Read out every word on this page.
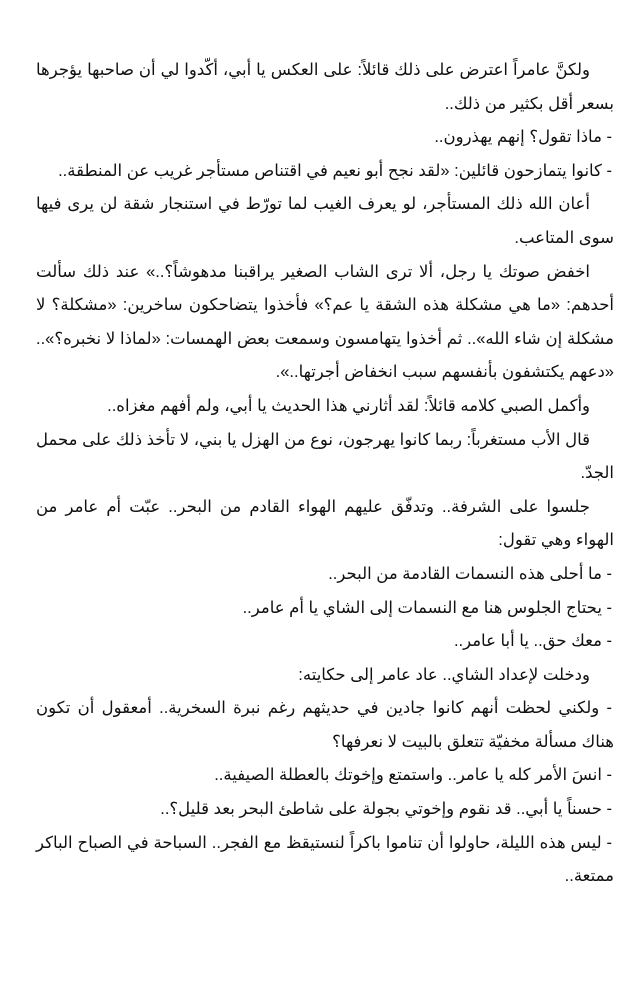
ولكنَّ عامراً اعترض على ذلك قائلاً: على العكس يا أبي، أكّدوا لي أن صاحبها يؤجرها بسعر أقل بكثير من ذلك..

- ماذا تقول؟ إنهم يهذرون..

- كانوا يتمازحون قائلين: «لقد نجح أبو نعيم في اقتناص مستأجر غريب عن المنطقة..

أعان الله ذلك المستأجر، لو يعرف الغيب لما تورّط في استنجار شقة لن يرى فيها سوى المتاعب.

اخفض صوتك يا رجل، ألا ترى الشاب الصغير يراقبنا مدهوشاً؟..» عند ذلك سألت أحدهم: «ما هي مشكلة هذه الشقة يا عم؟» فأخذوا يتضاحكون ساخرين: «مشكلة؟ لا مشكلة إن شاء الله».. ثم أخذوا يتهامسون وسمعت بعض الهمسات: «لماذا لا نخبره؟».. «دعهم يكتشفون بأنفسهم سبب انخفاض أجرتها..».

وأكمل الصبي كلامه قائلاً: لقد أثارني هذا الحديث يا أبي، ولم أفهم مغزاه..

قال الأب مستغرباً: ربما كانوا يهرجون، نوع من الهزل يا بني، لا تأخذ ذلك على محمل الجدّ.

جلسوا على الشرفة.. وتدفّق عليهم الهواء القادم من البحر.. عبّت أم عامر من الهواء وهي تقول:

- ما أحلى هذه النسمات القادمة من البحر..

- يحتاج الجلوس هنا مع النسمات إلى الشاي يا أم عامر..

- معك حق.. يا أبا عامر..

ودخلت لإعداد الشاي.. عاد عامر إلى حكايته:

- ولكني لحظت أنهم كانوا جادين في حديثهم رغم نبرة السخرية.. أمعقول أن تكون هناك مسألة مخفيّة تتعلق بالبيت لا نعرفها؟

- انسَ الأمر كله يا عامر.. واستمتع وإخوتك بالعطلة الصيفية..

- حسناً يا أبي.. قد نقوم وإخوتي بجولة على شاطئ البحر بعد قليل؟..

- ليس هذه الليلة، حاولوا أن تناموا باكراً لنستيقظ مع الفجر.. السباحة في الصباح الباكر ممتعة..
